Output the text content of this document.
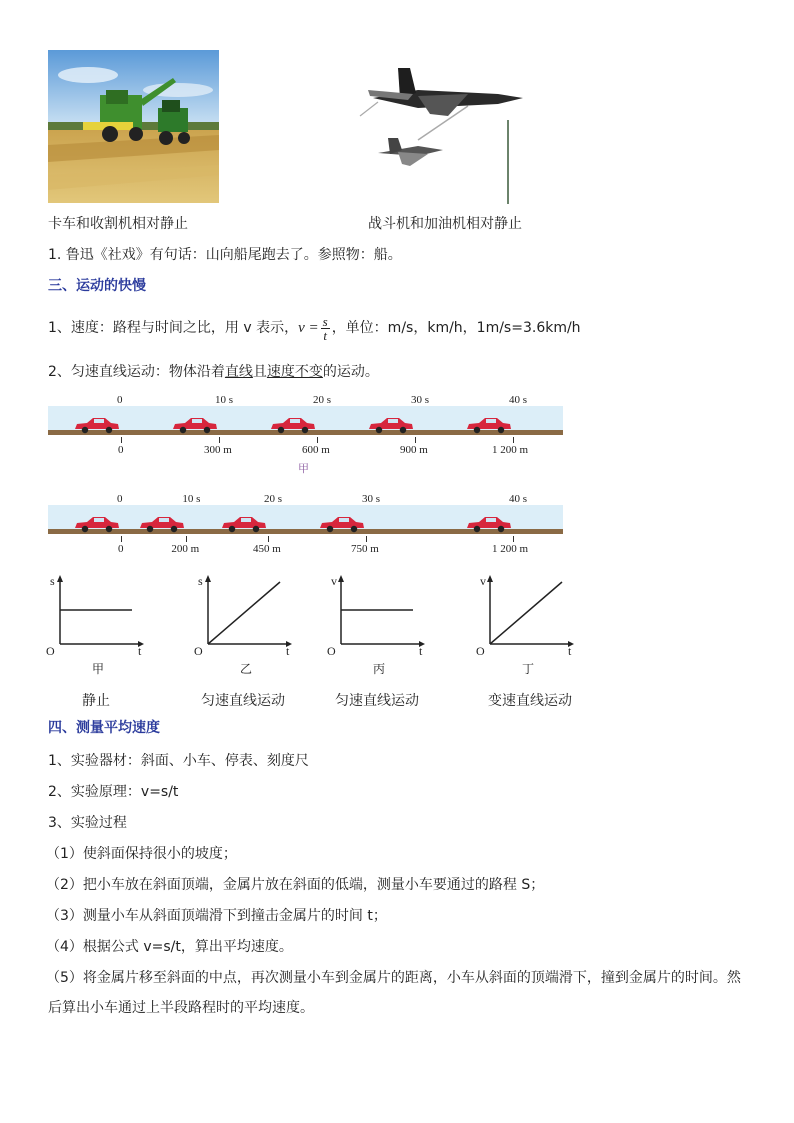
卡车和收割机相对静止	战斗机和加油机相对静止
1. 鲁迅《社戏》有句话：山向船尾跑去了。参照物：船。
三、运动的快慢
1、速度：路程与时间之比，用 v 表示，$v = \frac{s}{t}$ ，单位：m/s，km/h，1m/s=3.6km/h
2、匀速直线运动：物体沿着直线且速度不变的运动。
0
0
10 s
300 m
20 s
600 m
30 s
900 m
40 s
1 200 m
甲
0
0
10 s
200 m
20 s
450 m
30 s
750 m
40 s
1 200 m
s
t
O
甲
静止
s
t
O
乙
匀速直线运动
v
t
O
丙
匀速直线运动
v
t
O
丁
变速直线运动
四、测量平均速度
1、实验器材：斜面、小车、停表、刻度尺
2、实验原理：v=s/t
3、实验过程
（1）使斜面保持很小的坡度；
（2）把小车放在斜面顶端，金属片放在斜面的低端，测量小车要通过的路程 S；
（3）测量小车从斜面顶端滑下到撞击金属片的时间 t；
（4）根据公式 v=s/t，算出平均速度。
（5）将金属片移至斜面的中点，再次测量小车到金属片的距离，小车从斜面的顶端滑下，撞到金属片的时间。然
后算出小车通过上半段路程时的平均速度。
